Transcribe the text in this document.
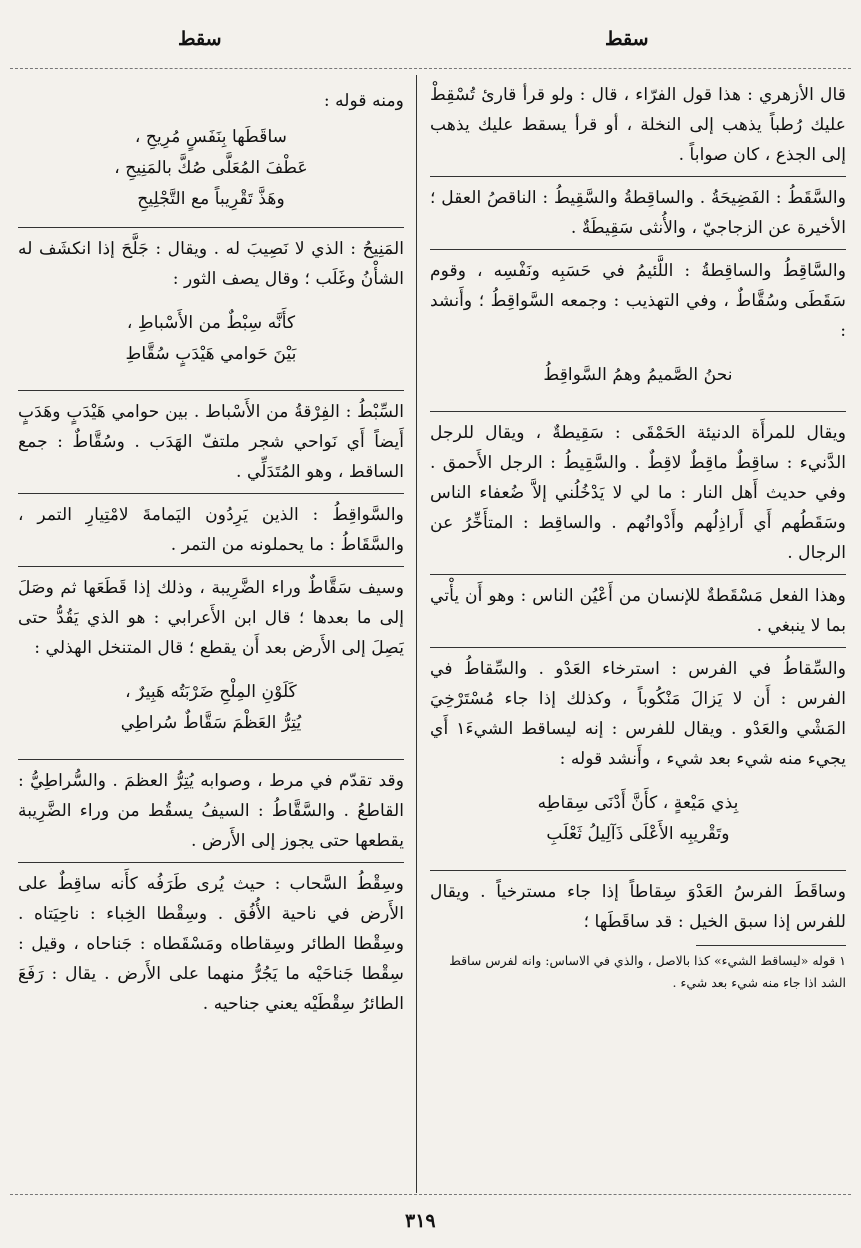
سقط
سقط

قال الأزهري : هذا قول الفرّاء ، قال : ولو قرأ قارئ تُسْقِطْ عليك رُطباً يذهب إلى النخلة ، أو قرأ يسقط عليك يذهب إلى الجذع ، كان صواباً .

والسَّقَطُ : الفَضِيحَةُ . والساقِطةُ والسَّقِيطُ : الناقصُ العقل ؛ الأخيرة عن الزجاجيّ ، والأُنثى سَقِيطَةٌ .

والسَّاقِطُ والساقِطةُ : اللَّئيمُ في حَسَبِه ونَفْسِه ، وقوم سَقَطَى وسُقَّاطٌ ، وفي التهذيب : وجمعه السَّواقِطُ ؛ وأَنشد :

نحنُ الصَّميمُ وهمُ السَّواقِطُ

ويقال للمرأَة الدنيئة الحَمْقَى : سَقِيطةٌ ، ويقال للرجل الدَّنيء : ساقِطٌ ماقِطٌ لاقِطٌ . والسَّقِيطُ : الرجل الأَحمق . وفي حديث أَهل النار : ما لي لا يَدْخُلُني إلاَّ ضُعفاء الناس وسَقَطُهم أَي أَراذِلُهم وأَدْوانُهم . والساقِط : المتأَخِّرُ عن الرجال .

وهذا الفعل مَسْقَطةٌ للإنسان من أَعْيُن الناس : وهو أَن يأْتي بما لا ينبغي .

والسِّقاطُ في الفرس : استرخاء العَدْو . والسِّقاطُ في الفرس : أَن لا يَزالَ مَنْكُوباً ، وكذلك إذا جاء مُسْتَرْخِيَ المَشْي والعَدْو . ويقال للفرس : إنه ليساقط الشيءَ١ أَي يجيء منه شيء بعد شيء ، وأَنشد قوله :

بِذي مَيْعةٍ ، كأَنَّ أَدْنَى سِقاطِه
وتَقْريبِه الأَعْلَى ذَآلِيلُ ثَعْلَبِ

وساقَطَ الفرسُ العَدْوَ سِقاطاً إذا جاء مسترخياً . ويقال للفرس إذا سبق الخيل : قد ساقَطَها ؛

١ قوله «ليساقط الشيء» كذا بالاصل ، والذي في الاساس: وانه لفرس ساقط الشد اذا جاء منه شيء بعد شيء .

ومنه قوله :

ساقَطَها بِنَفَسٍ مُرِيحِ ،
عَطْفَ المُعَلَّى صُكَّ بالمَنِيحِ ،
وهَذَّ تَقْرِيباً مع التَّجْلِيحِ

المَنِيحُ : الذي لا نَصِيبَ له . ويقال : جَلَّحَ إذا انكشَف له الشأْنُ وغَلَب ؛ وقال يصف الثور :

كأَنَّه سِبْطٌ من الأَسْباطِ ،
بَيْنَ حَوامي هَيْدَبٍ سُقَّاطِ

السِّبْطُ : الفِرْقةُ من الأَسْباط . بين حوامي هَيْدَبٍ وهَدَبٍ أَيضاً أَي نَواحي شجر ملتفّ الهَدَب . وسُقَّاطٌ : جمع الساقط ، وهو المُتَدَلِّي .

والسَّواقِطُ : الذين يَرِدُون اليَمامةَ لامْتِيارِ التمر ، والسَّقَاطُ : ما يحملونه من التمر .

وسيف سَقَّاطٌ وراء الضَّرِيبة ، وذلك إذا قَطَعَها ثم وصَلَ إلى ما بعدها ؛ قال ابن الأَعرابي : هو الذي يَقُدُّ حتى يَصِلَ إلى الأَرض بعد أَن يقطع ؛ قال المتنخل الهذلي :

كَلَوْنِ المِلْحِ ضَرْبَتُه هَبِيرٌ ،
يُتِرُّ العَظْمَ سَقَّاطٌ سُراطِي

وقد تقدّم في مرط ، وصوابه يُتِرُّ العظمَ . والسُّراطِيُّ : القاطعُ . والسَّقَّاطُ : السيفُ يسقُط من وراء الضَّرِيبة يقطعها حتى يجوز إلى الأَرض .

وسِقْطُ السَّحاب : حيث يُرى طَرَفُه كأَنه ساقِطٌ على الأَرض في ناحية الأُفُق . وسِقْطا الخِباء : ناحِيَتاه . وسِقْطا الطائر وسِقاطاه ومَسْقَطاه : جَناحاه ، وقيل : سِقْطا جَناحَيْه ما يَجُرُّ منهما على الأَرض . يقال : رَفَعَ الطائرُ سِقْطَيْه يعني جناحيه .

٣١٩
